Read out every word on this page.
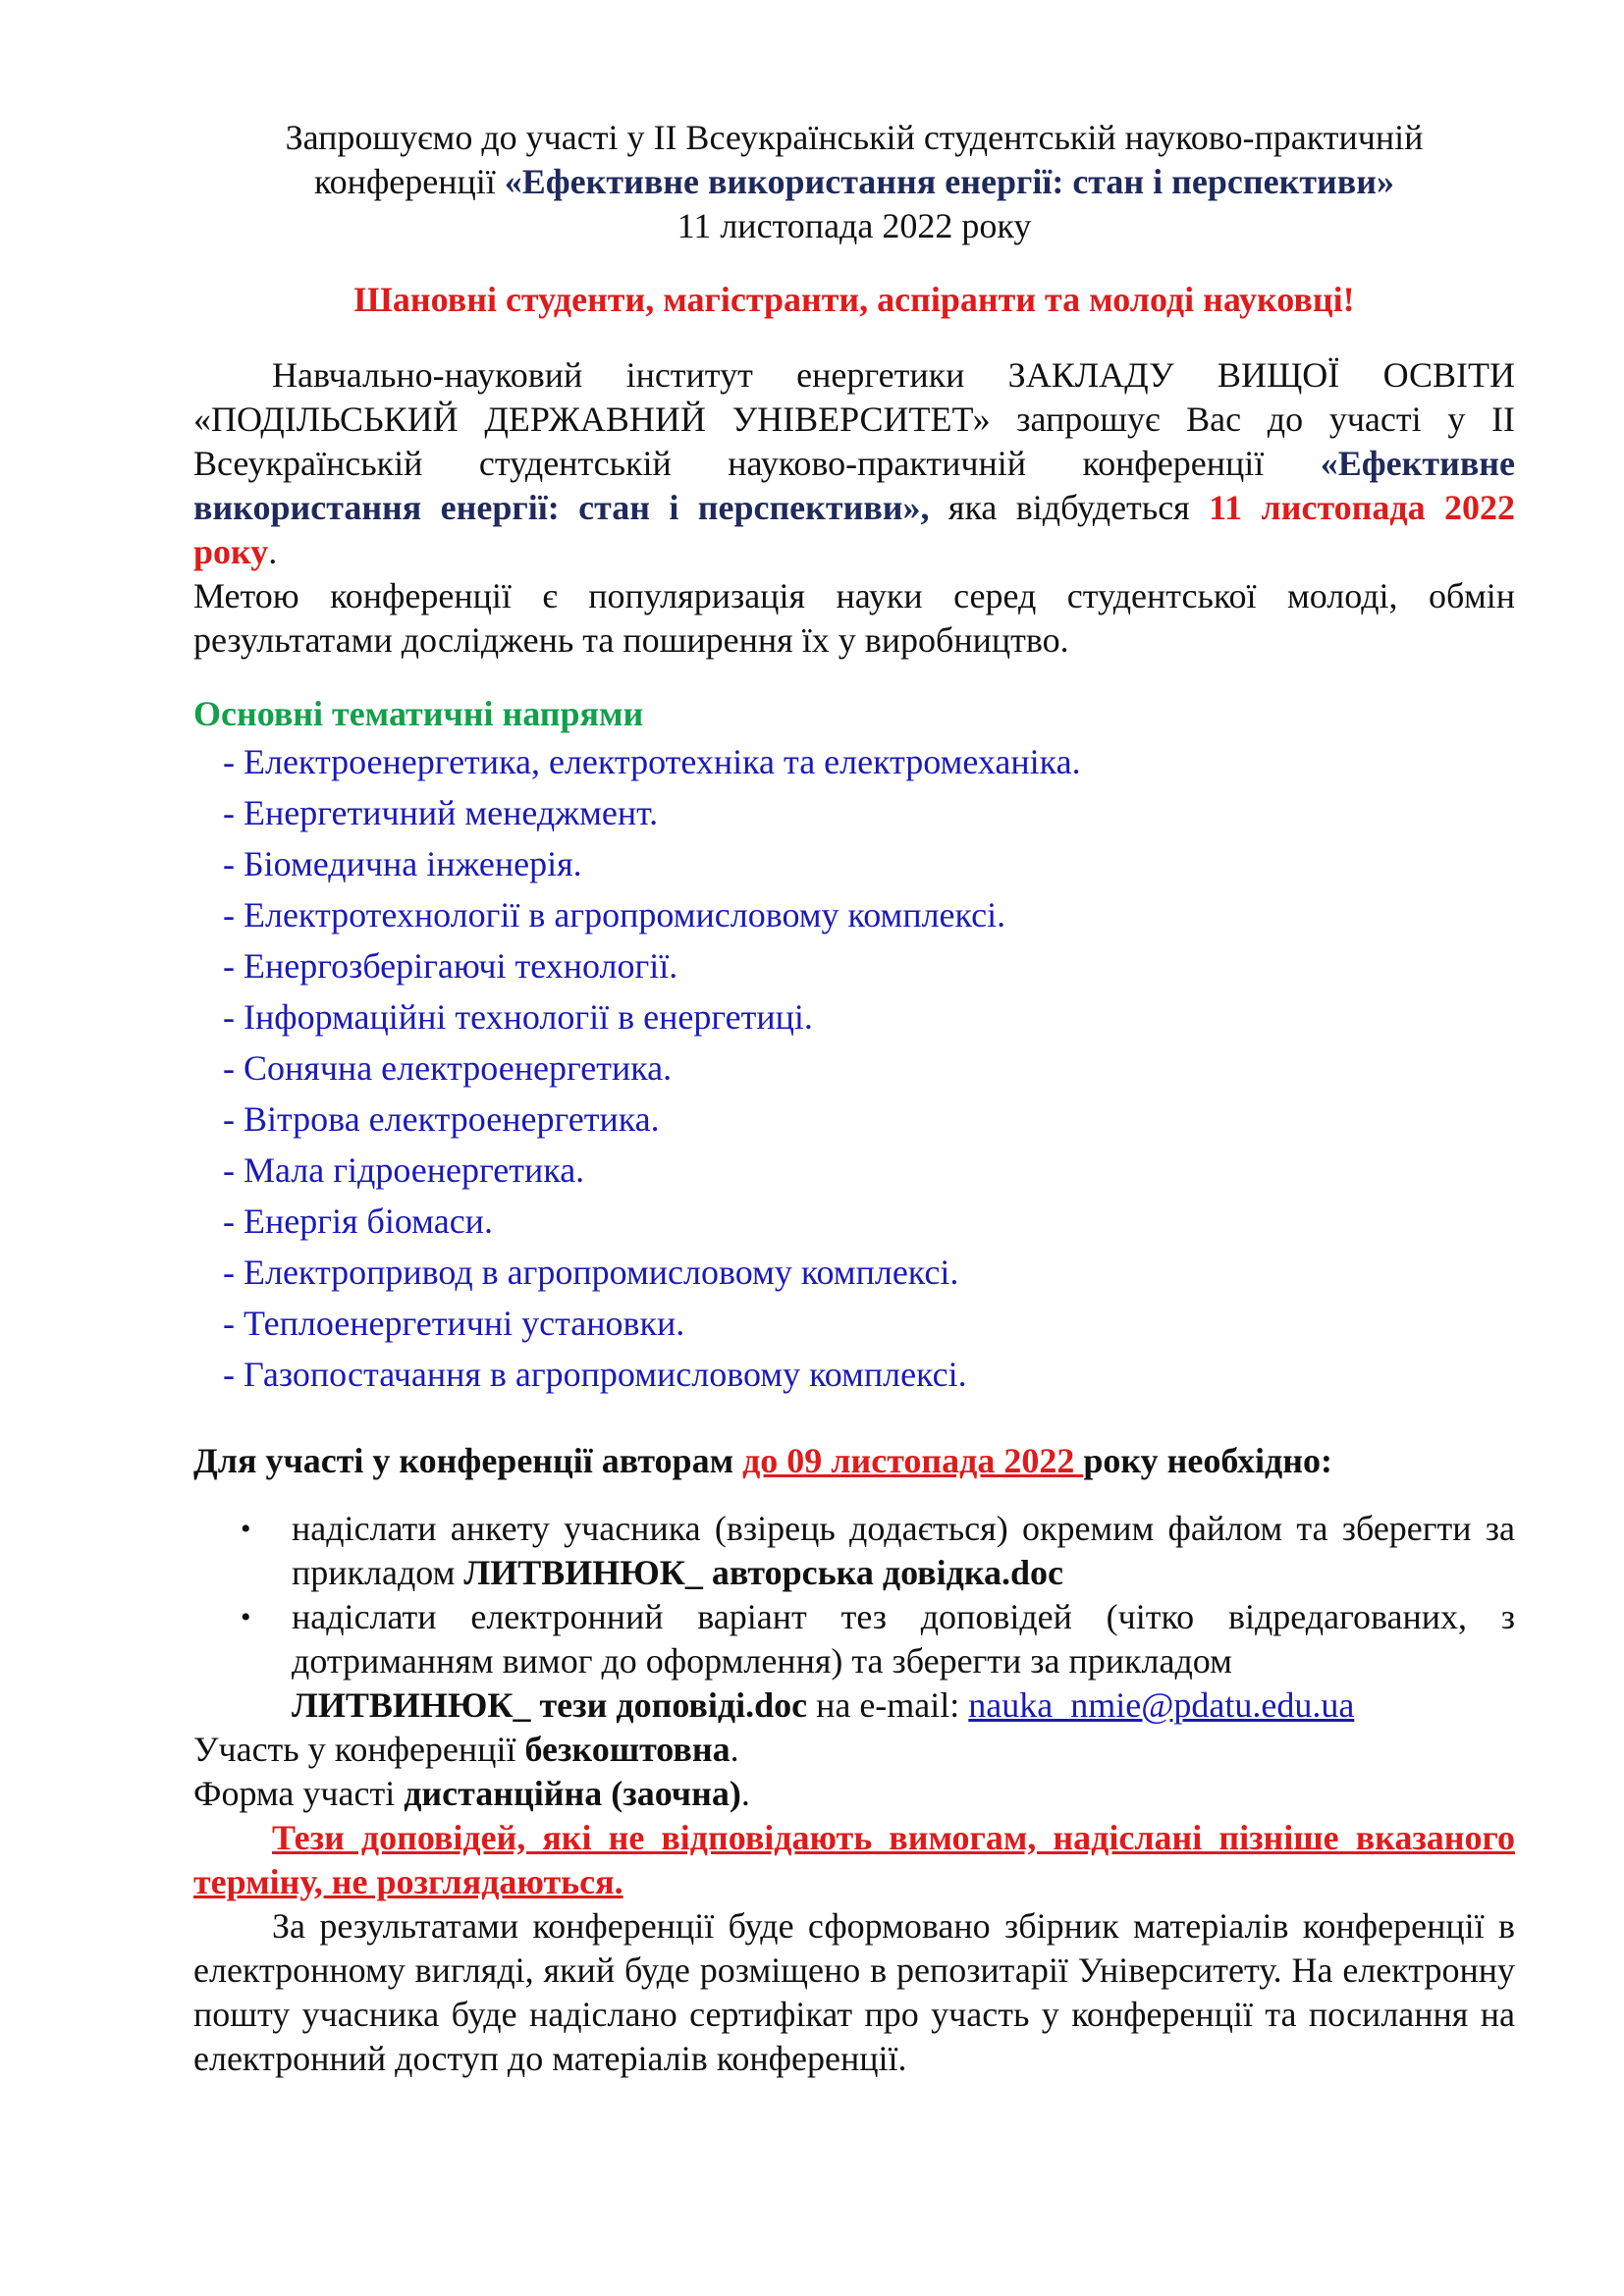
Запрошуємо до участі у ІІ Всеукраїнській студентській науково-практичній
конференції «Ефективне використання енергії: стан і перспективи»
11 листопада 2022 року
Шановні студенти, магістранти, аспіранти та молоді науковці!

Навчально-науковий інститут енергетики ЗАКЛАДУ ВИЩОЇ ОСВІТИ «ПОДІЛЬСЬКИЙ ДЕРЖАВНИЙ УНІВЕРСИТЕТ» запрошує Вас до участі у ІІ Всеукраїнській студентській науково-практичній конференції «Ефективне використання енергії: стан і перспективи», яка відбудеться 11 листопада 2022 року.

Метою конференції є популяризація науки серед студентської молоді, обмін результатами досліджень та поширення їх у виробництво.

Основні тематичні напрями
- Електроенергетика, електротехніка та електромеханіка.
- Енергетичний менеджмент.
- Біомедична інженерія.
- Електротехнології в агропромисловому комплексі.
- Енергозберігаючі технології.
- Інформаційні технології в енергетиці.
- Сонячна електроенергетика.
- Вітрова електроенергетика.
- Мала гідроенергетика.
- Енергія біомаси.
- Електропривод в агропромисловому комплексі.
- Теплоенергетичні установки.
- Газопостачання в агропромисловому комплексі.
Для участі у конференції авторам до 09 листопада 2022 року необхідно:
• надіслати анкету учасника (взірець додається) окремим файлом та зберегти за прикладом ЛИТВИНЮК_ авторська довідка.doc
• надіслати електронний варіант тез доповідей (чітко відредагованих, з дотриманням вимог до оформлення) та зберегти за прикладом
ЛИТВИНЮК_ тези доповіді.doc на e-mail: nauka_nmie@pdatu.edu.ua
Участь у конференції безкоштовна.
Форма участі дистанційна (заочна).

Тези доповідей, які не відповідають вимогам, надіслані пізніше вказаного терміну, не розглядаються.

За результатами конференції буде сформовано збірник матеріалів конференції в електронному вигляді, який буде розміщено в репозитарії Університету. На електронну пошту учасника буде надіслано сертифікат про участь у конференції та посилання на електронний доступ до матеріалів конференції.
